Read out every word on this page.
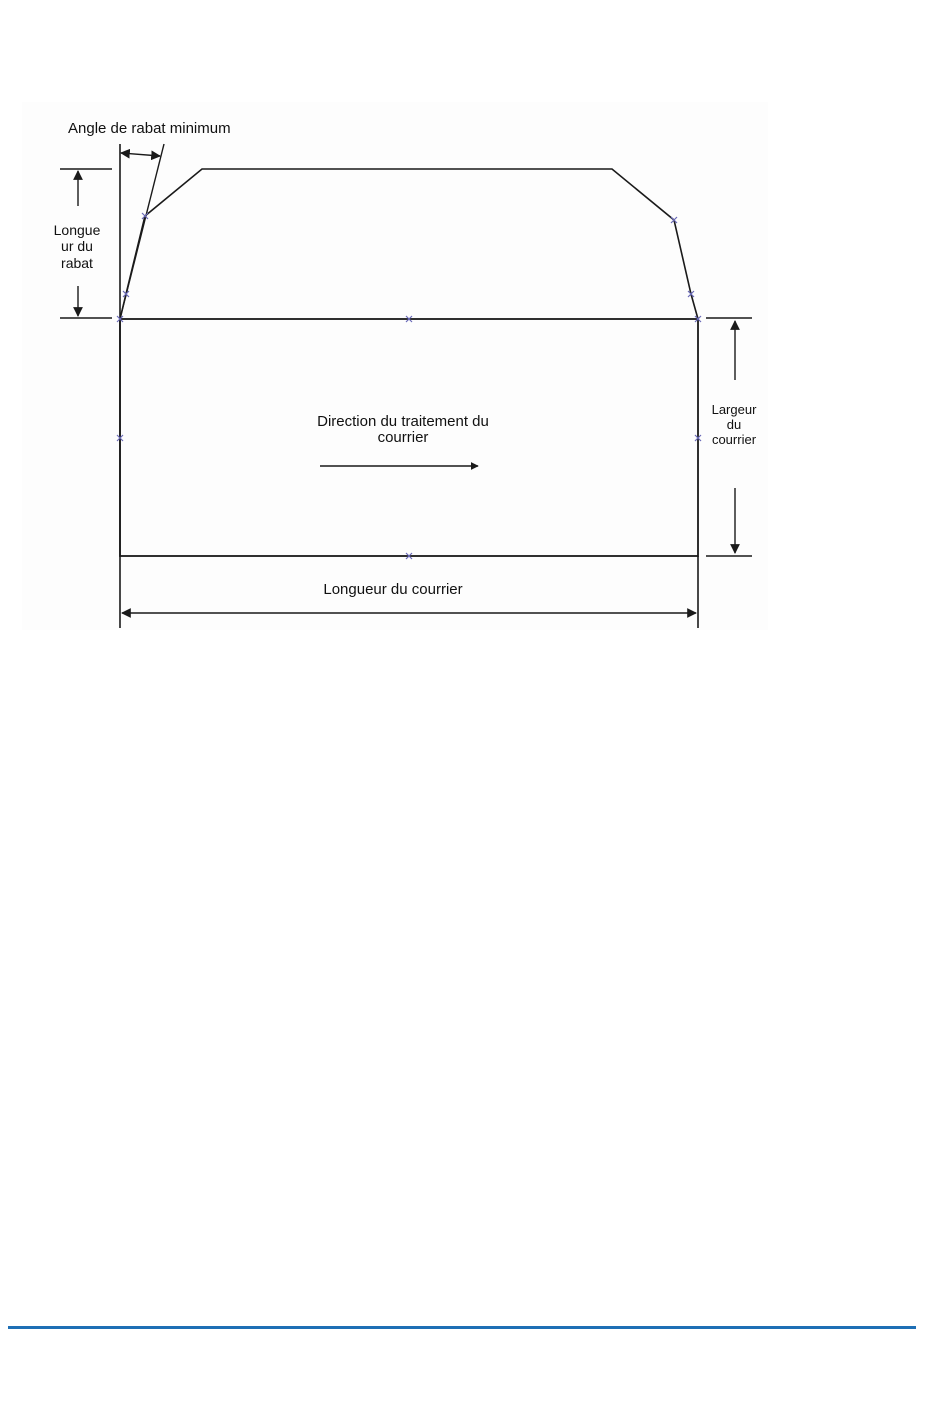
Angle de rabat minimum
Longue
ur du
rabat
Direction du traitement du
courrier
Largeur
du
courrier
Longueur du courrier
